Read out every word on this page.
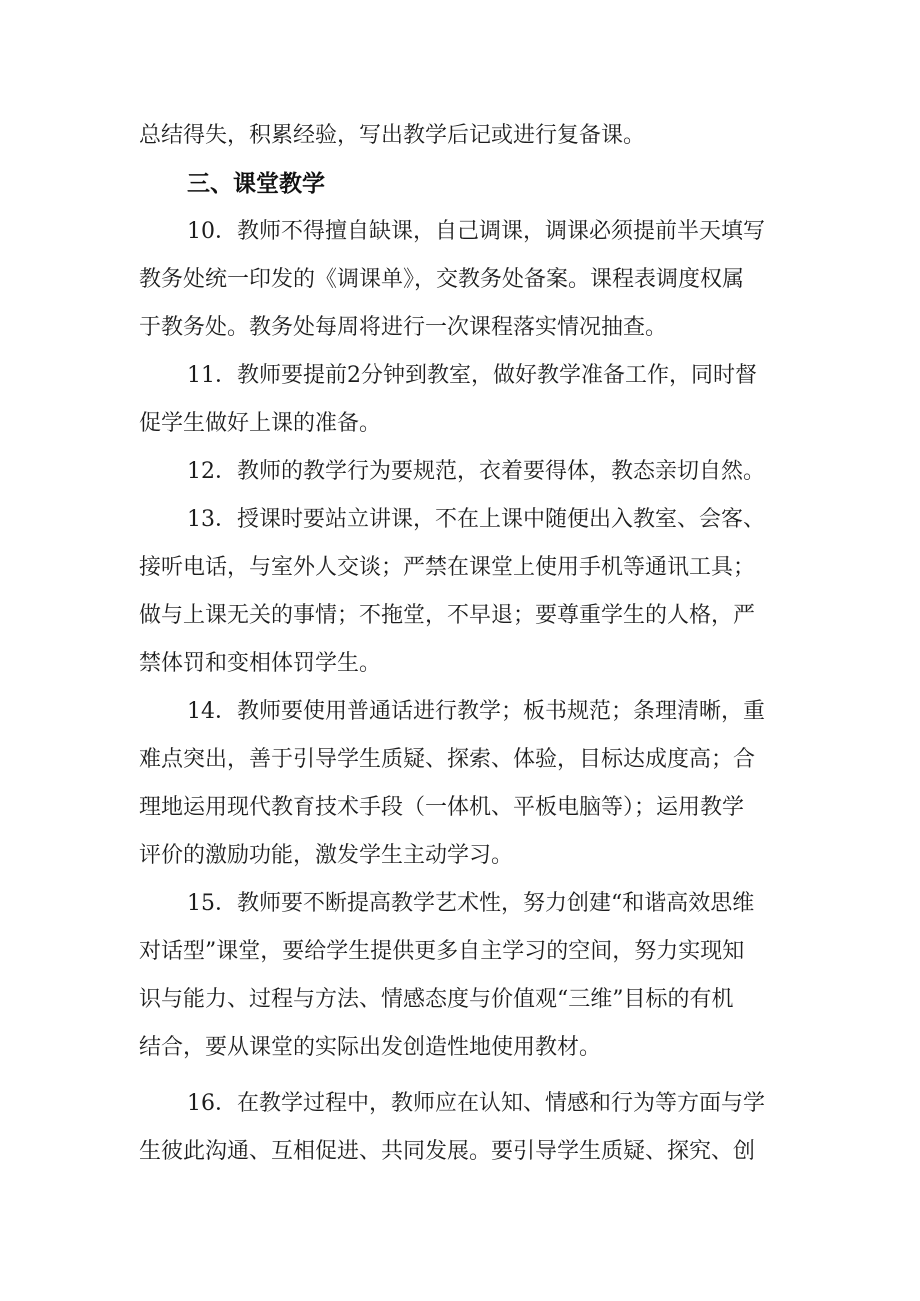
总结得失，积累经验，写出教学后记或进行复备课。

三、课堂教学

10．教师不得擅自缺课，自己调课，调课必须提前半天填写

教务处统一印发的《调课单》，交教务处备案。课程表调度权属

于教务处。教务处每周将进行一次课程落实情况抽查。

11．教师要提前2分钟到教室，做好教学准备工作，同时督

促学生做好上课的准备。

12．教师的教学行为要规范，衣着要得体，教态亲切自然。

13．授课时要站立讲课，不在上课中随便出入教室、会客、

接听电话，与室外人交谈；严禁在课堂上使用手机等通讯工具；

做与上课无关的事情；不拖堂，不早退；要尊重学生的人格，严

禁体罚和变相体罚学生。

14．教师要使用普通话进行教学；板书规范；条理清晰，重

难点突出，善于引导学生质疑、探索、体验，目标达成度高；合

理地运用现代教育技术手段（一体机、平板电脑等）；运用教学

评价的激励功能，激发学生主动学习。

15．教师要不断提高教学艺术性，努力创建“和谐高效思维

对话型”课堂，要给学生提供更多自主学习的空间，努力实现知

识与能力、过程与方法、情感态度与价值观“三维”目标的有机

结合，要从课堂的实际出发创造性地使用教材。

16．在教学过程中，教师应在认知、情感和行为等方面与学

生彼此沟通、互相促进、共同发展。要引导学生质疑、探究、创
